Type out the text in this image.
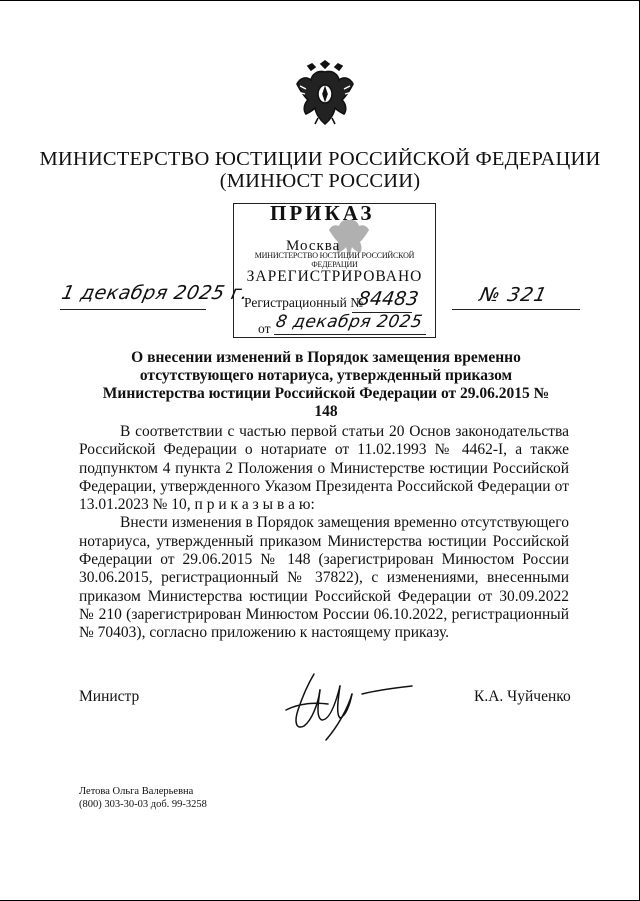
МИНИСТЕРСТВО ЮСТИЦИИ РОССИЙСКОЙ ФЕДЕРАЦИИ
(МИНЮСТ РОССИИ)
ПРИКАЗ
Москва
МИНИСТЕРСТВО ЮСТИЦИИ РОССИЙСКОЙ ФЕДЕРАЦИИ
ЗАРЕГИСТРИРОВАНО
Регистрационный №
84483
от 8 декабря 2025
1 декабря 2025 г.	№ 321
О внесении изменений в Порядок замещения временно отсутствующего нотариуса, утвержденный приказом Министерства юстиции Российской Федерации от 29.06.2015 № 148

В соответствии с частью первой статьи 20 Основ законодательства Российской Федерации о нотариате от 11.02.1993 № 4462-I, а также подпунктом 4 пункта 2 Положения о Министерстве юстиции Российской Федерации, утвержденного Указом Президента Российской Федерации от 13.01.2023 № 10, п р и к а з ы в а ю:

Внести изменения в Порядок замещения временно отсутствующего нотариуса, утвержденный приказом Министерства юстиции Российской Федерации от 29.06.2015 № 148 (зарегистрирован Минюстом России 30.06.2015, регистрационный № 37822), с изменениями, внесенными приказом Министерства юстиции Российской Федерации от 30.09.2022 № 210 (зарегистрирован Минюстом России 06.10.2022, регистрационный № 70403), согласно приложению к настоящему приказу.

Министр	К.А. Чуйченко
Летова Ольга Валерьевна
(800) 303-30-03 доб. 99-3258
